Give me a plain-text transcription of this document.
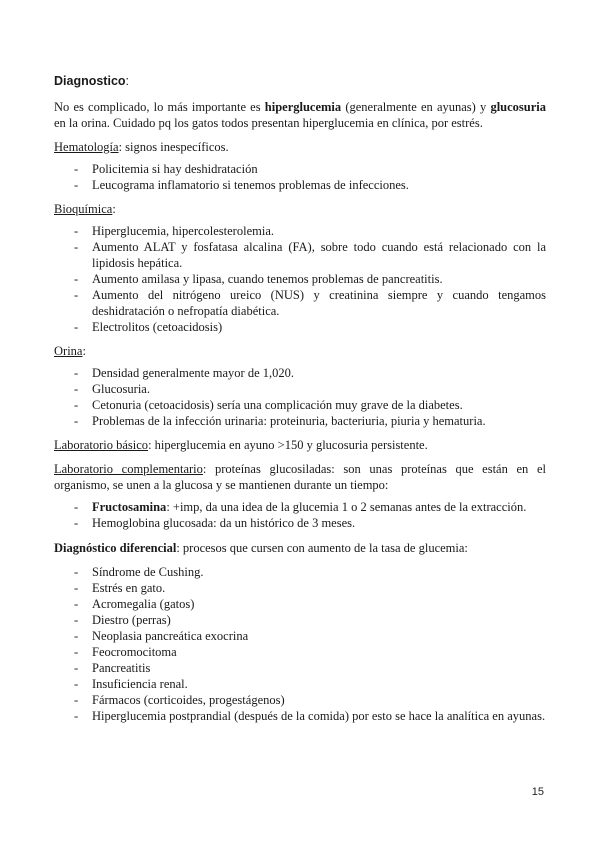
Diagnostico:

No es complicado, lo más importante es hiperglucemia (generalmente en ayunas) y glucosuria en la orina. Cuidado pq los gatos todos presentan hiperglucemia en clínica, por estrés.

Hematología: signos inespecíficos.

- Policitemia si hay deshidratación
- Leucograma inflamatorio si tenemos problemas de infecciones.

Bioquímica:

- Hiperglucemia, hipercolesterolemia.
- Aumento ALAT y fosfatasa alcalina (FA), sobre todo cuando está relacionado con la lipidosis hepática.
- Aumento amilasa y lipasa, cuando tenemos problemas de pancreatitis.
- Aumento del nitrógeno ureico (NUS) y creatinina siempre y cuando tengamos deshidratación o nefropatía diabética.
- Electrolitos (cetoacidosis)

Orina:

- Densidad generalmente mayor de 1,020.
- Glucosuria.
- Cetonuria (cetoacidosis) sería una complicación muy grave de la diabetes.
- Problemas de la infección urinaria: proteinuria, bacteriuria, piuria y hematuria.

Laboratorio básico: hiperglucemia en ayuno >150 y glucosuria persistente.

Laboratorio complementario: proteínas glucosiladas: son unas proteínas que están en el organismo, se unen a la glucosa y se mantienen durante un tiempo:

- Fructosamina: +imp, da una idea de la glucemia 1 o 2 semanas antes de la extracción.
- Hemoglobina glucosada: da un histórico de 3 meses.

Diagnóstico diferencial: procesos que cursen con aumento de la tasa de glucemia:

- Síndrome de Cushing.
- Estrés en gato.
- Acromegalia (gatos)
- Diestro (perras)
- Neoplasia pancreática exocrina
- Feocromocitoma
- Pancreatitis
- Insuficiencia renal.
- Fármacos (corticoides, progestágenos)
- Hiperglucemia postprandial (después de la comida) por esto se hace la analítica en ayunas.
15
